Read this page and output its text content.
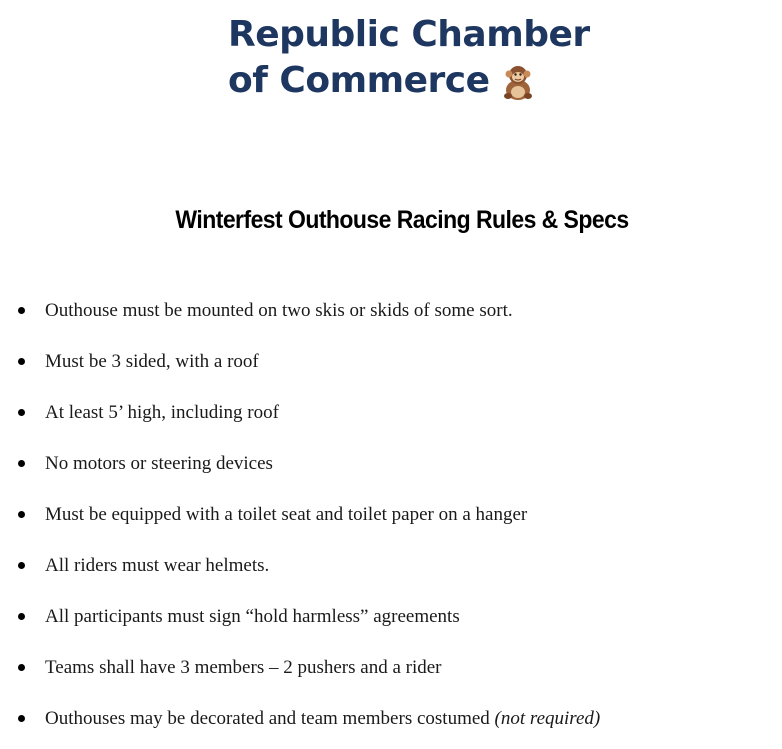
Republic Chamber
of Commerce
Winterfest Outhouse Racing Rules & Specs
Outhouse must be mounted on two skis or skids of some sort.
Must be 3 sided, with a roof
At least 5’ high, including roof
No motors or steering devices
Must be equipped with a toilet seat and toilet paper on a hanger
All riders must wear helmets.
All participants must sign “hold harmless” agreements
Teams shall have 3 members – 2 pushers and a rider
Outhouses may be decorated and team members costumed (not required)
